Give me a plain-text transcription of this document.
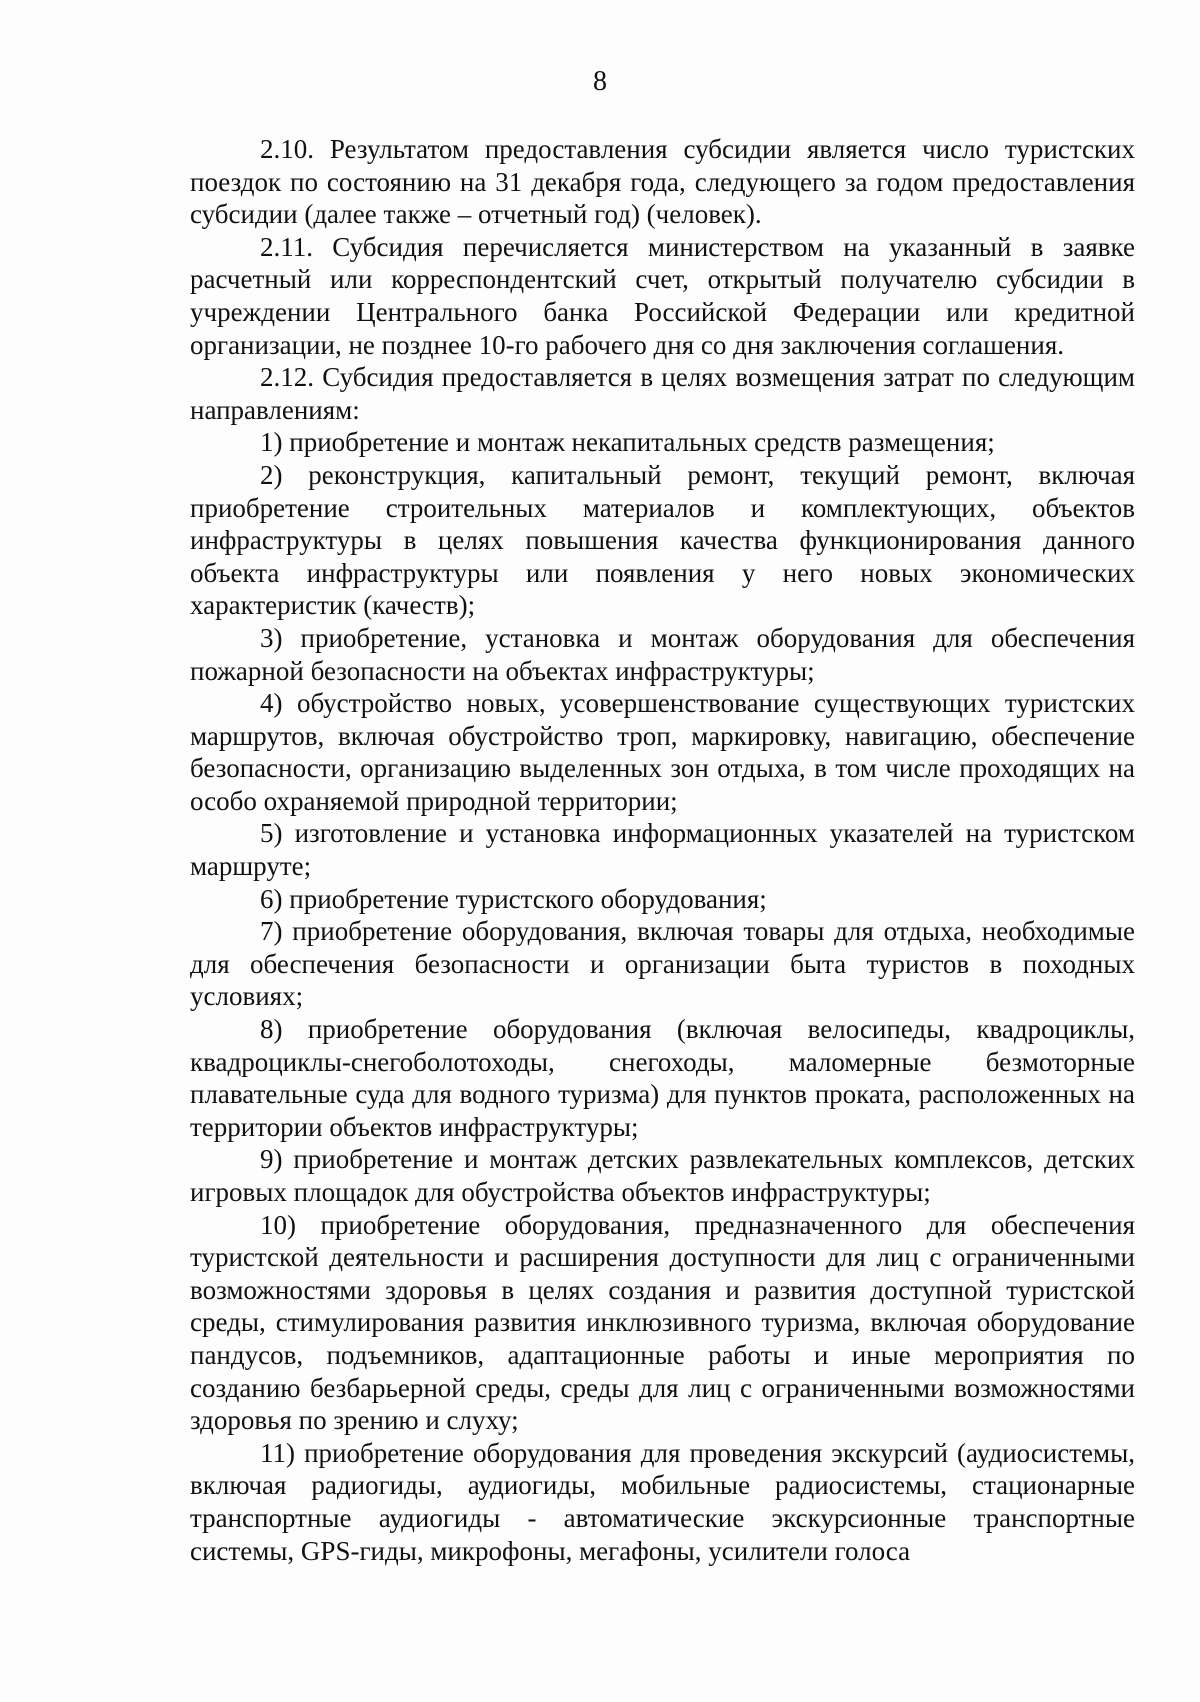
8

2.10. Результатом предоставления субсидии является число туристских поездок по состоянию на 31 декабря года, следующего за годом предоставления субсидии (далее также – отчетный год) (человек).

2.11. Субсидия перечисляется министерством на указанный в заявке расчетный или корреспондентский счет, открытый получателю субсидии в учреждении Центрального банка Российской Федерации или кредитной организации, не позднее 10-го рабочего дня со дня заключения соглашения.

2.12. Субсидия предоставляется в целях возмещения затрат по следующим направлениям:

1) приобретение и монтаж некапитальных средств размещения;

2) реконструкция, капитальный ремонт, текущий ремонт, включая приобретение строительных материалов и комплектующих, объектов инфраструктуры в целях повышения качества функционирования данного объекта инфраструктуры или появления у него новых экономических характеристик (качеств);

3) приобретение, установка и монтаж оборудования для обеспечения пожарной безопасности на объектах инфраструктуры;

4) обустройство новых, усовершенствование существующих туристских маршрутов, включая обустройство троп, маркировку, навигацию, обеспечение безопасности, организацию выделенных зон отдыха, в том числе проходящих на особо охраняемой природной территории;

5) изготовление и установка информационных указателей на туристском маршруте;

6) приобретение туристского оборудования;

7) приобретение оборудования, включая товары для отдыха, необходимые для обеспечения безопасности и организации быта туристов в походных условиях;

8) приобретение оборудования (включая велосипеды, квадроциклы, квадроциклы-снегоболотоходы, снегоходы, маломерные безмоторные плавательные суда для водного туризма) для пунктов проката, расположенных на территории объектов инфраструктуры;

9) приобретение и монтаж детских развлекательных комплексов, детских игровых площадок для обустройства объектов инфраструктуры;

10) приобретение оборудования, предназначенного для обеспечения туристской деятельности и расширения доступности для лиц с ограниченными возможностями здоровья в целях создания и развития доступной туристской среды, стимулирования развития инклюзивного туризма, включая оборудование пандусов, подъемников, адаптационные работы и иные мероприятия по созданию безбарьерной среды, среды для лиц с ограниченными возможностями здоровья по зрению и слуху;

11) приобретение оборудования для проведения экскурсий (аудиосистемы, включая радиогиды, аудиогиды, мобильные радиосистемы, стационарные транспортные аудиогиды - автоматические экскурсионные транспортные системы, GPS-гиды, микрофоны, мегафоны, усилители голоса
